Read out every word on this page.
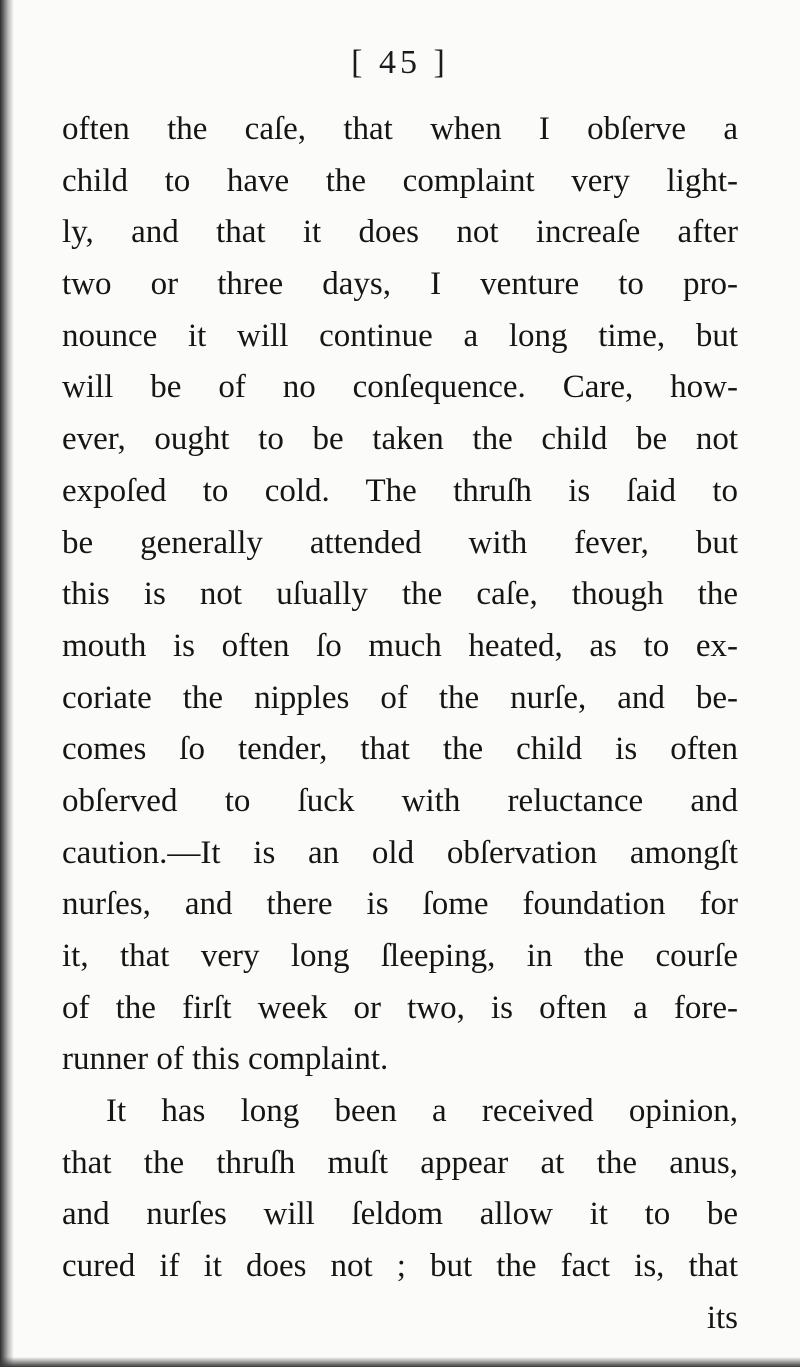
[ 45 ]
often the caſe, that when I obſerve a
child to have the complaint very light-
ly, and that it does not increaſe after
two or three days, I venture to pro-
nounce it will continue a long time, but
will be of no conſequence. Care, how-
ever, ought to be taken the child be not
expoſed to cold. The thruſh is ſaid to
be generally attended with fever, but
this is not uſually the caſe, though the
mouth is often ſo much heated, as to ex-
coriate the nipples of the nurſe, and be-
comes ſo tender, that the child is often
obſerved to ſuck with reluctance and
caution.—It is an old obſervation amongſt
nurſes, and there is ſome foundation for
it, that very long ſleeping, in the courſe
of the firſt week or two, is often a fore-
runner of this complaint.
It has long been a received opinion,
that the thruſh muſt appear at the anus,
and nurſes will ſeldom allow it to be
cured if it does not ; but the fact is, that
its
